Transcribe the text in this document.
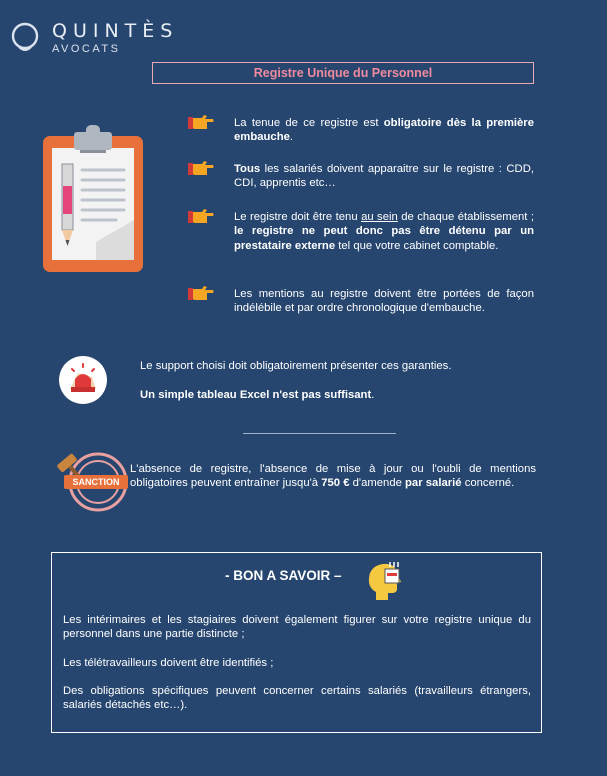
QUINTÈS
AVOCATS
Registre Unique du Personnel
La tenue de ce registre est obligatoire dès la première embauche.
Tous les salariés doivent apparaitre sur le registre : CDD, CDI, apprentis etc…
Le registre doit être tenu au sein de chaque établissement ; le registre ne peut donc pas être détenu par un prestataire externe tel que votre cabinet comptable.
Les mentions au registre doivent être portées de façon indélébile et par ordre chronologique d'embauche.
Le support choisi doit obligatoirement présenter ces garanties.
Un simple tableau Excel n'est pas suffisant.
SANCTION
L'absence de registre, l'absence de mise à jour ou l'oubli de mentions obligatoires peuvent entraîner jusqu'à 750 € d'amende par salarié concerné.
- BON A SAVOIR –
Les intérimaires et les stagiaires doivent également figurer sur votre registre unique du personnel dans une partie distincte ;
Les télétravailleurs doivent être identifiés ;
Des obligations spécifiques peuvent concerner certains salariés (travailleurs étrangers, salariés détachés etc…).
